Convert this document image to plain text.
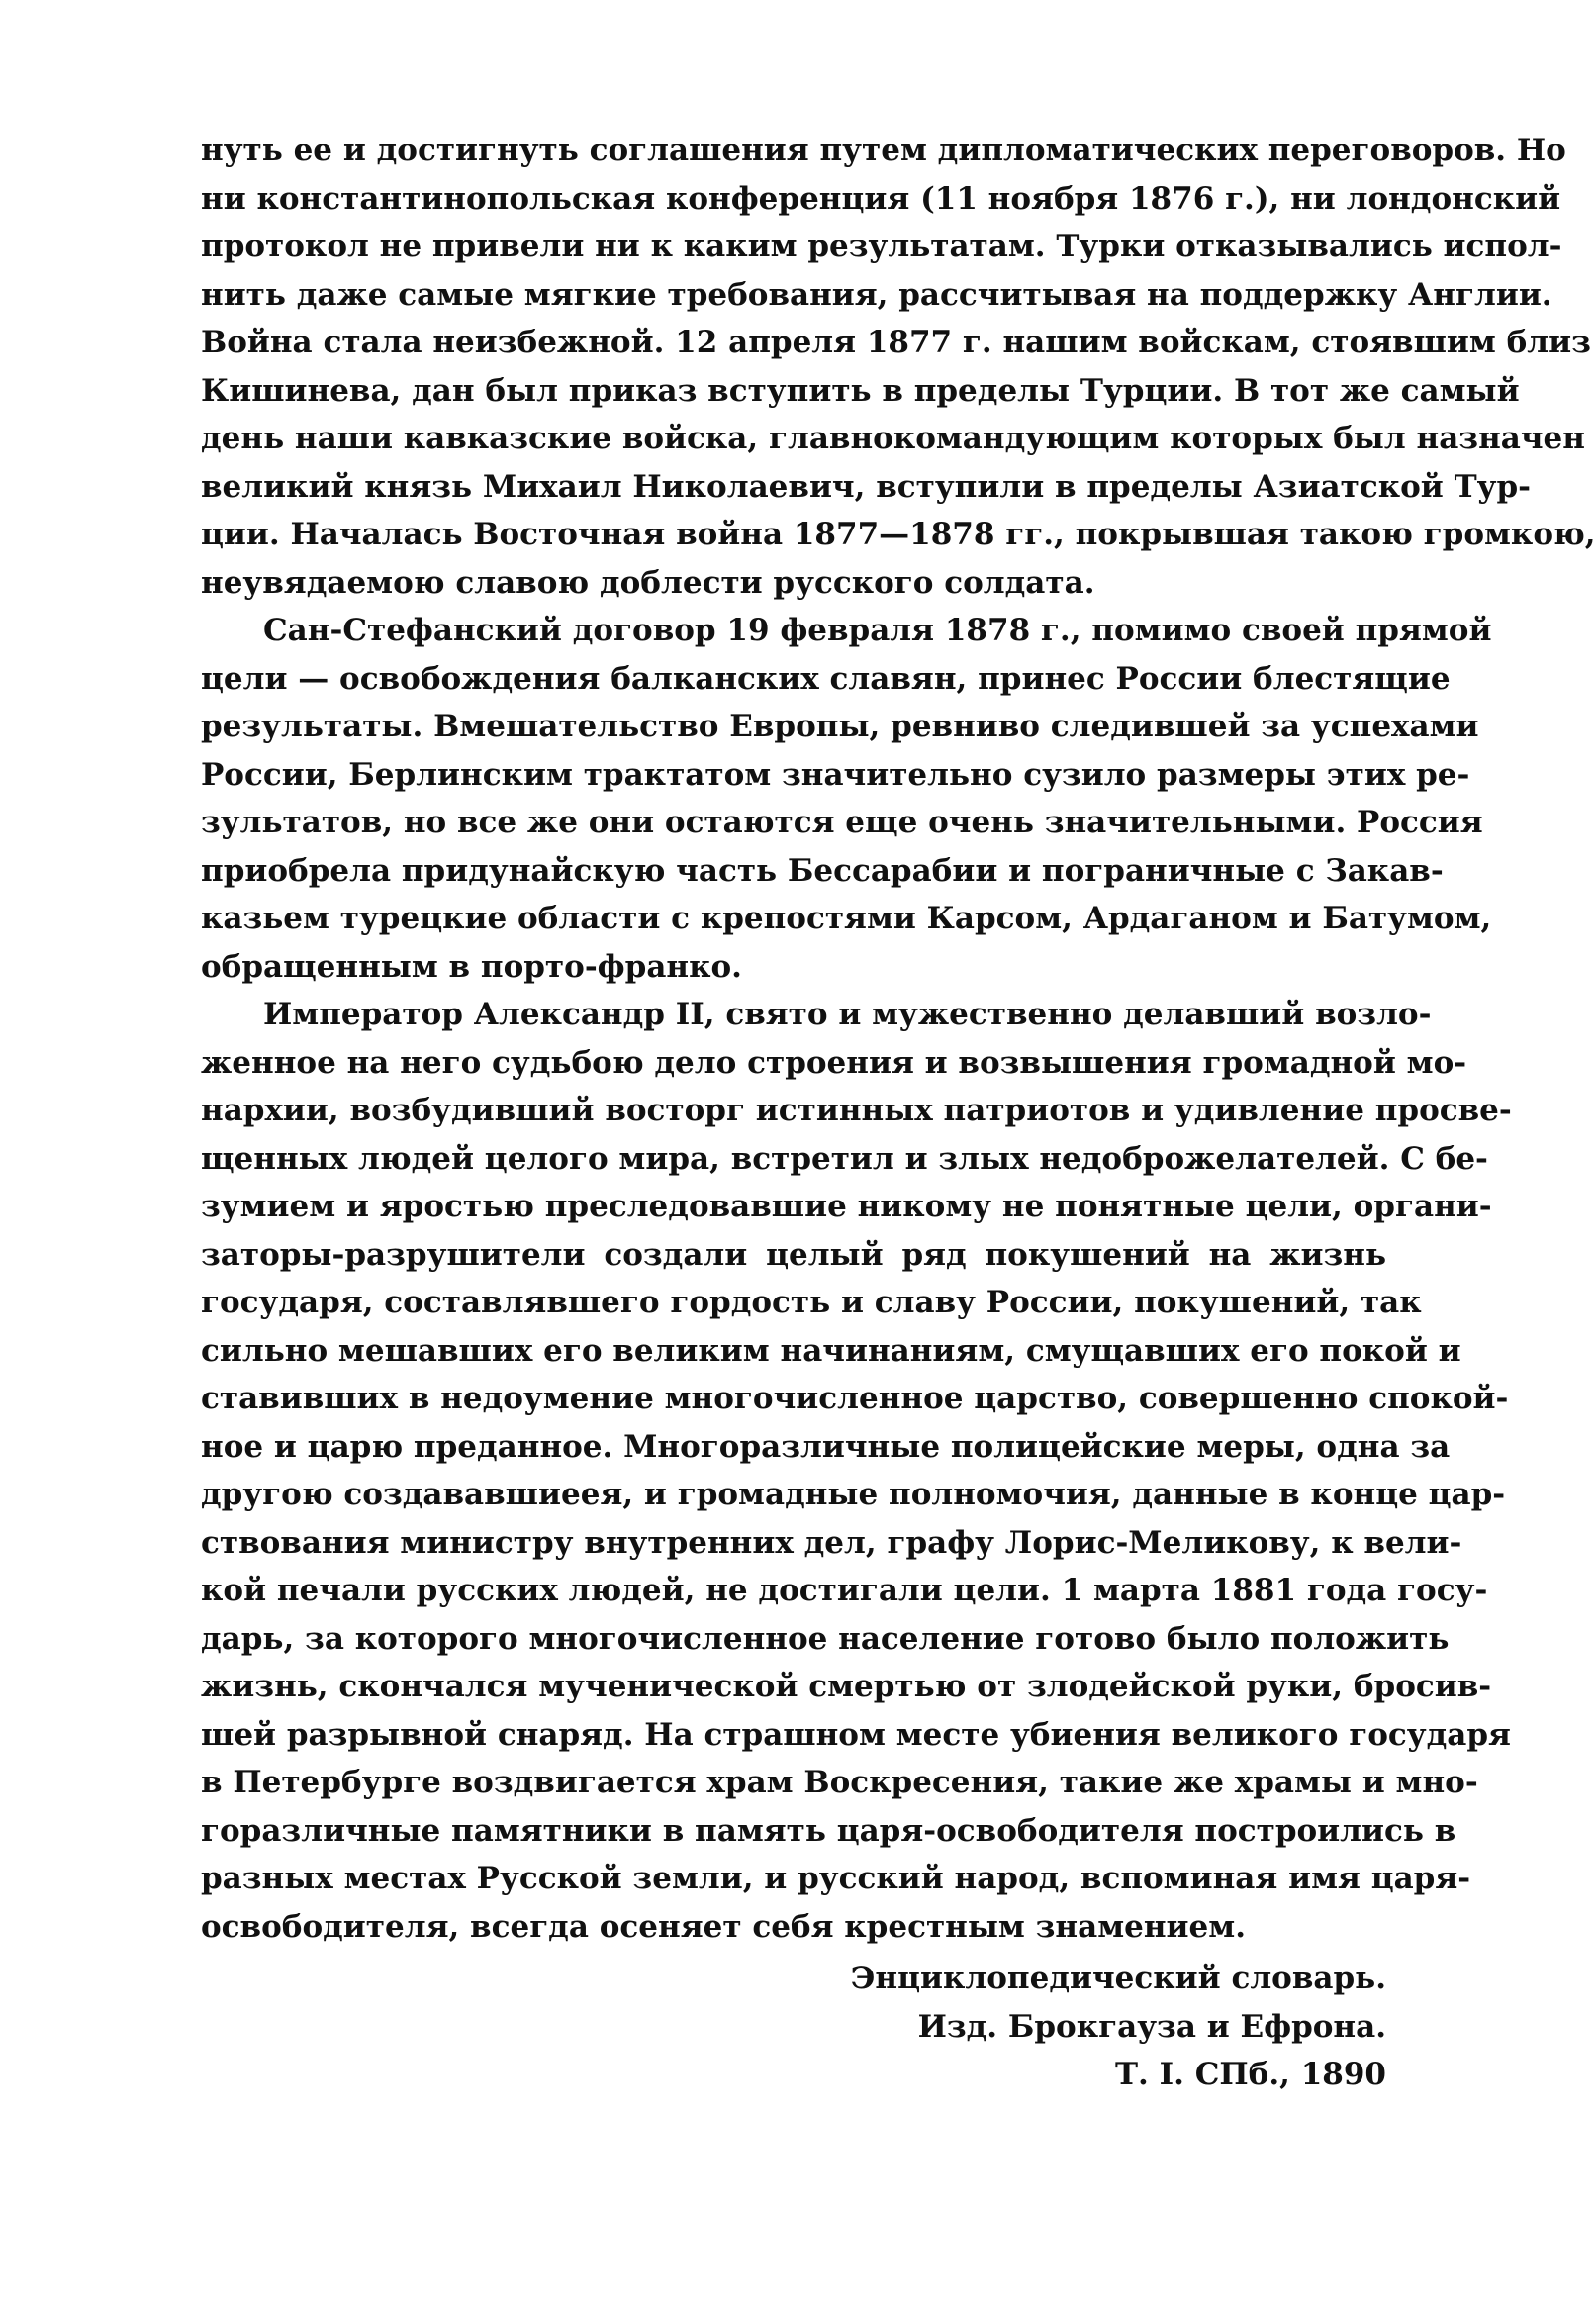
нуть ее и достигнуть соглашения путем дипломатических переговоров. Но
ни константинопольская конференция (11 ноября 1876 г.), ни лондонский
протокол не привели ни к каким результатам. Турки отказывались испол-
нить даже самые мягкие требования, рассчитывая на поддержку Англии.
Война стала неизбежной. 12 апреля 1877 г. нашим войскам, стоявшим близ
Кишинева, дан был приказ вступить в пределы Турции. В тот же самый
день наши кавказские войска, главнокомандующим которых был назначен
великий князь Михаил Николаевич, вступили в пределы Азиатской Тур-
ции. Началась Восточная война 1877—1878 гг., покрывшая такою громкою,
неувядаемою славою доблести русского солдата.
Сан-Стефанский договор 19 февраля 1878 г., помимо своей прямой
цели — освобождения балканских славян, принес России блестящие
результаты. Вмешательство Европы, ревниво следившей за успехами
России, Берлинским трактатом значительно сузило размеры этих ре-
зультатов, но все же они остаются еще очень значительными. Россия
приобрела придунайскую часть Бессарабии и пограничные с Закав-
казьем турецкие области с крепостями Карсом, Ардаганом и Батумом,
обращенным в порто-франко.
Император Александр II, свято и мужественно делавший возло-
женное на него судьбою дело строения и возвышения громадной мо-
нархии, возбудивший восторг истинных патриотов и удивление просве-
щенных людей целого мира, встретил и злых недоброжелателей. С бе-
зумием и яростью преследовавшие никому не понятные цели, органи-
заторы-разрушители создали целый ряд покушений на жизнь
государя, составлявшего гордость и славу России, покушений, так
сильно мешавших его великим начинаниям, смущавших его покой и
ставивших в недоумение многочисленное царство, совершенно спокой-
ное и царю преданное. Многоразличные полицейские меры, одна за
другою создававшиеея, и громадные полномочия, данные в конце цар-
ствования министру внутренних дел, графу Лорис-Меликову, к вели-
кой печали русских людей, не достигали цели. 1 марта 1881 года госу-
дарь, за которого многочисленное население готово было положить
жизнь, скончался мученической смертью от злодейской руки, бросив-
шей разрывной снаряд. На страшном месте убиения великого государя
в Петербурге воздвигается храм Воскресения, такие же храмы и мно-
горазличные памятники в память царя-освободителя построились в
разных местах Русской земли, и русский народ, вспоминая имя царя-
освободителя, всегда осеняет себя крестным знамением.
Энциклопедический словарь.
Изд. Брокгауза и Ефрона.
Т. I. СПб., 1890
